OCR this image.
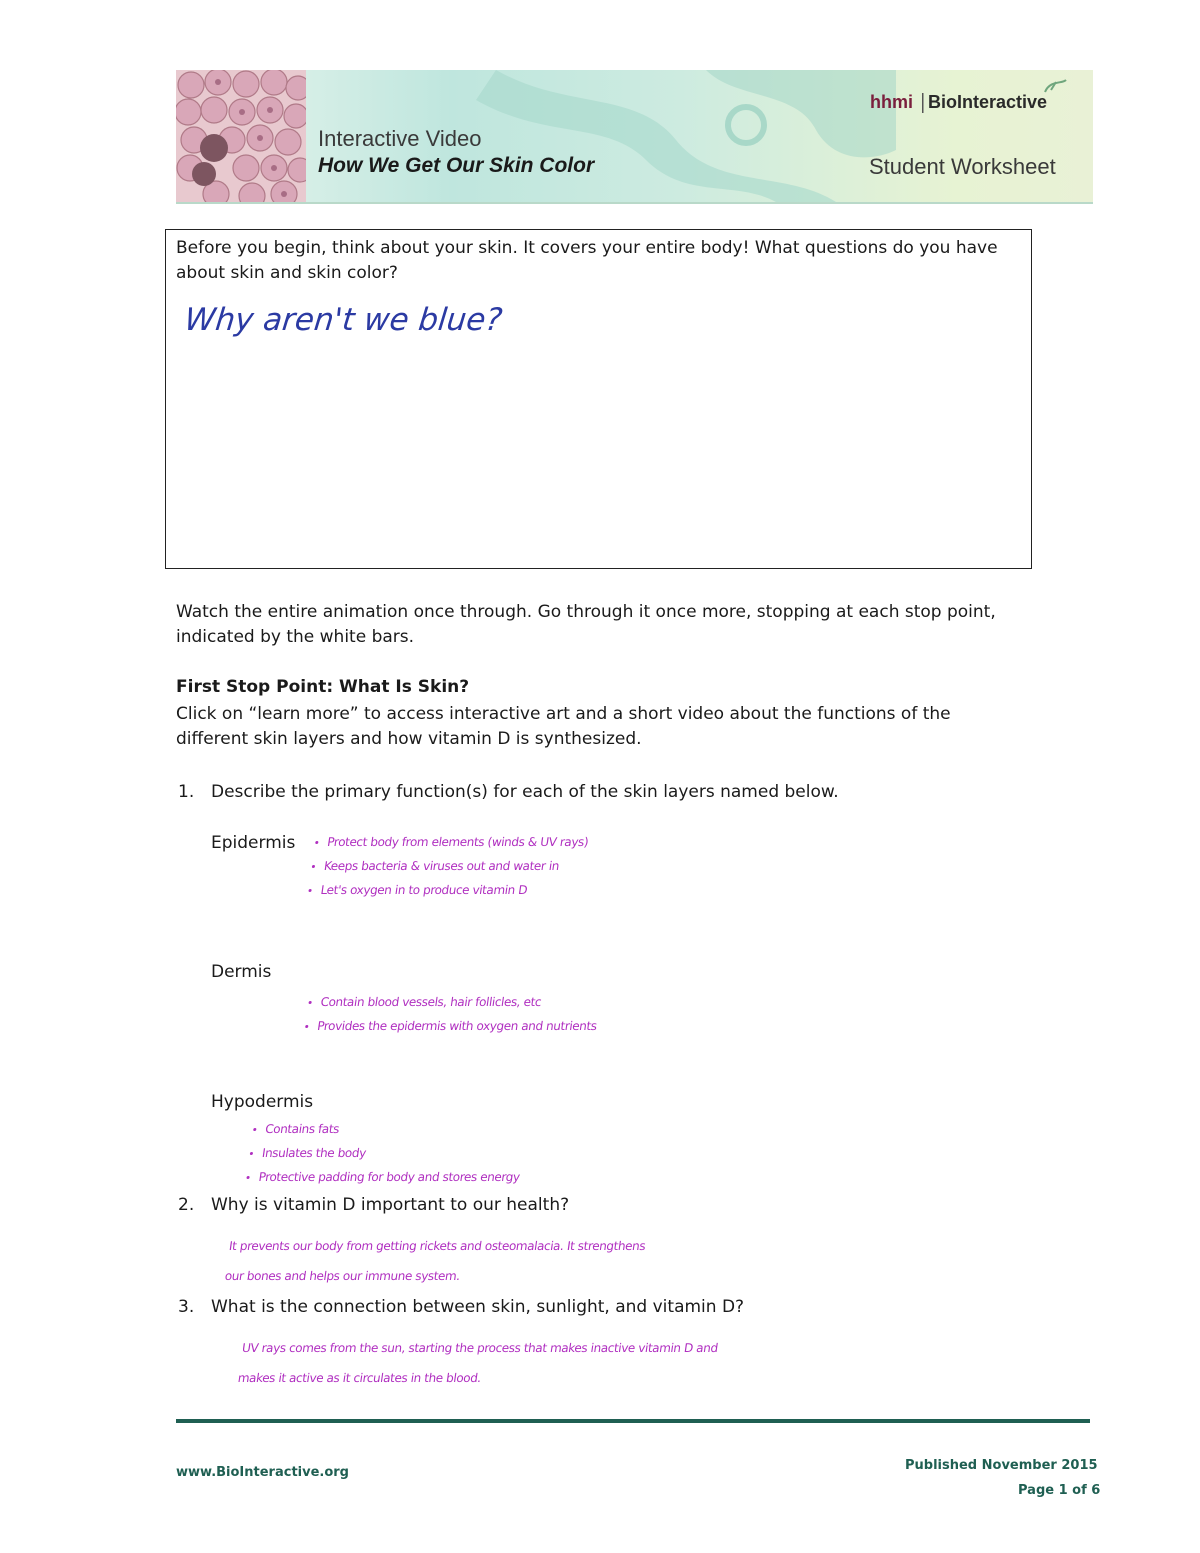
Interactive Video
How We Get Our Skin Color	Student Worksheet
hhmi BioInteractive
Before you begin, think about your skin. It covers your entire body! What questions do you have about skin and skin color?
Why aren't we blue?
Watch the entire animation once through. Go through it once more, stopping at each stop point, indicated by the white bars.
First Stop Point: What Is Skin?
Click on “learn more” to access interactive art and a short video about the functions of the different skin layers and how vitamin D is synthesized.
1. Describe the primary function(s) for each of the skin layers named below.
Epidermis	Protect body from elements (winds & UV rays)
Keeps bacteria & viruses out and water in
Let's oxygen in to produce vitamin D
Dermis
Contain blood vessels, hair follicles, etc
Provides the epidermis with oxygen and nutrients
Hypodermis
Contains fats
Insulates the body
Protective padding for body and stores energy
2. Why is vitamin D important to our health?
It prevents our body from getting rickets and osteomalacia. It strengthens
our bones and helps our immune system.
3. What is the connection between skin, sunlight, and vitamin D?
UV rays comes from the sun, starting the process that makes inactive vitamin D and
makes it active as it circulates in the blood.
www.BioInteractive.org	Published November 2015
Page 1 of 6
